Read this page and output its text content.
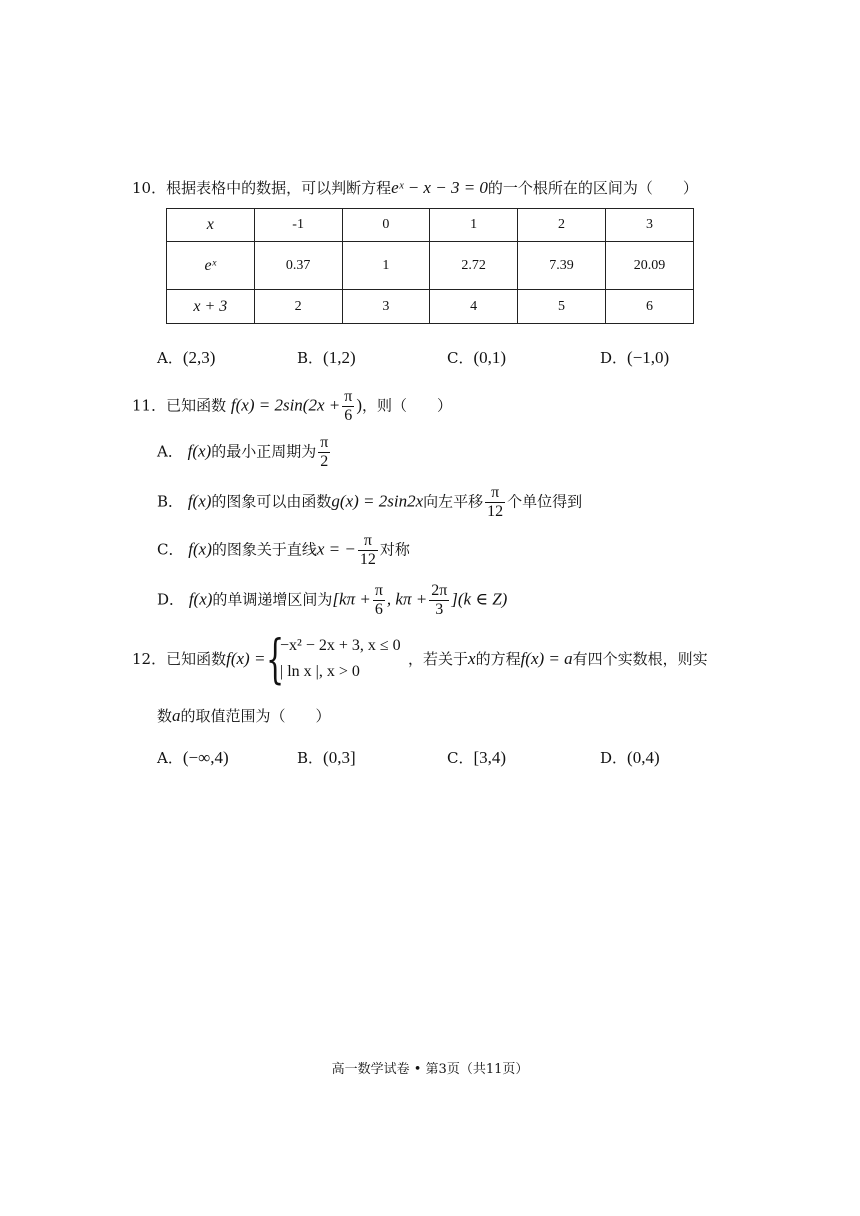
10．根据表格中的数据，可以判断方程eˣ − x − 3 = 0的一个根所在的区间为（　　）
x	-1	0	1	2	3
eˣ	0.37	1	2.72	7.39	20.09
x + 3	2	3	4	5	6
A．(2,3)	B．(1,2)	C．(0,1)	D．(−1,0)
11．已知函数 $f(x) = 2\sin(2x + \frac{\pi}{6}$ )，则（　　）
A． f(x)的最小正周期为 $\frac{\pi}{2}$
B． f(x)的图象可以由函数g(x) = 2sin2x向左平移 $\frac{\pi}{12}$ 个单位得到
C． f(x)的图象关于直线x = − $\frac{\pi}{12}$ 对称
D． f(x)的单调递增区间为[$k\pi + \frac{\pi}{6}$ , $k\pi + \frac{2\pi}{3} ](k$ ∈ Z)
12．已知函数f(x) = {
−x² − 2x + 3, x ≤ 0
| ln x |, x > 0
，若关于x的方程f(x) = a有四个实数根，则实
数a的取值范围为（　　）
A．(−∞,4)	B．(0,3]	C．[3,4)	D．(0,4)
高一数学试卷 • 第3页（共11页）
